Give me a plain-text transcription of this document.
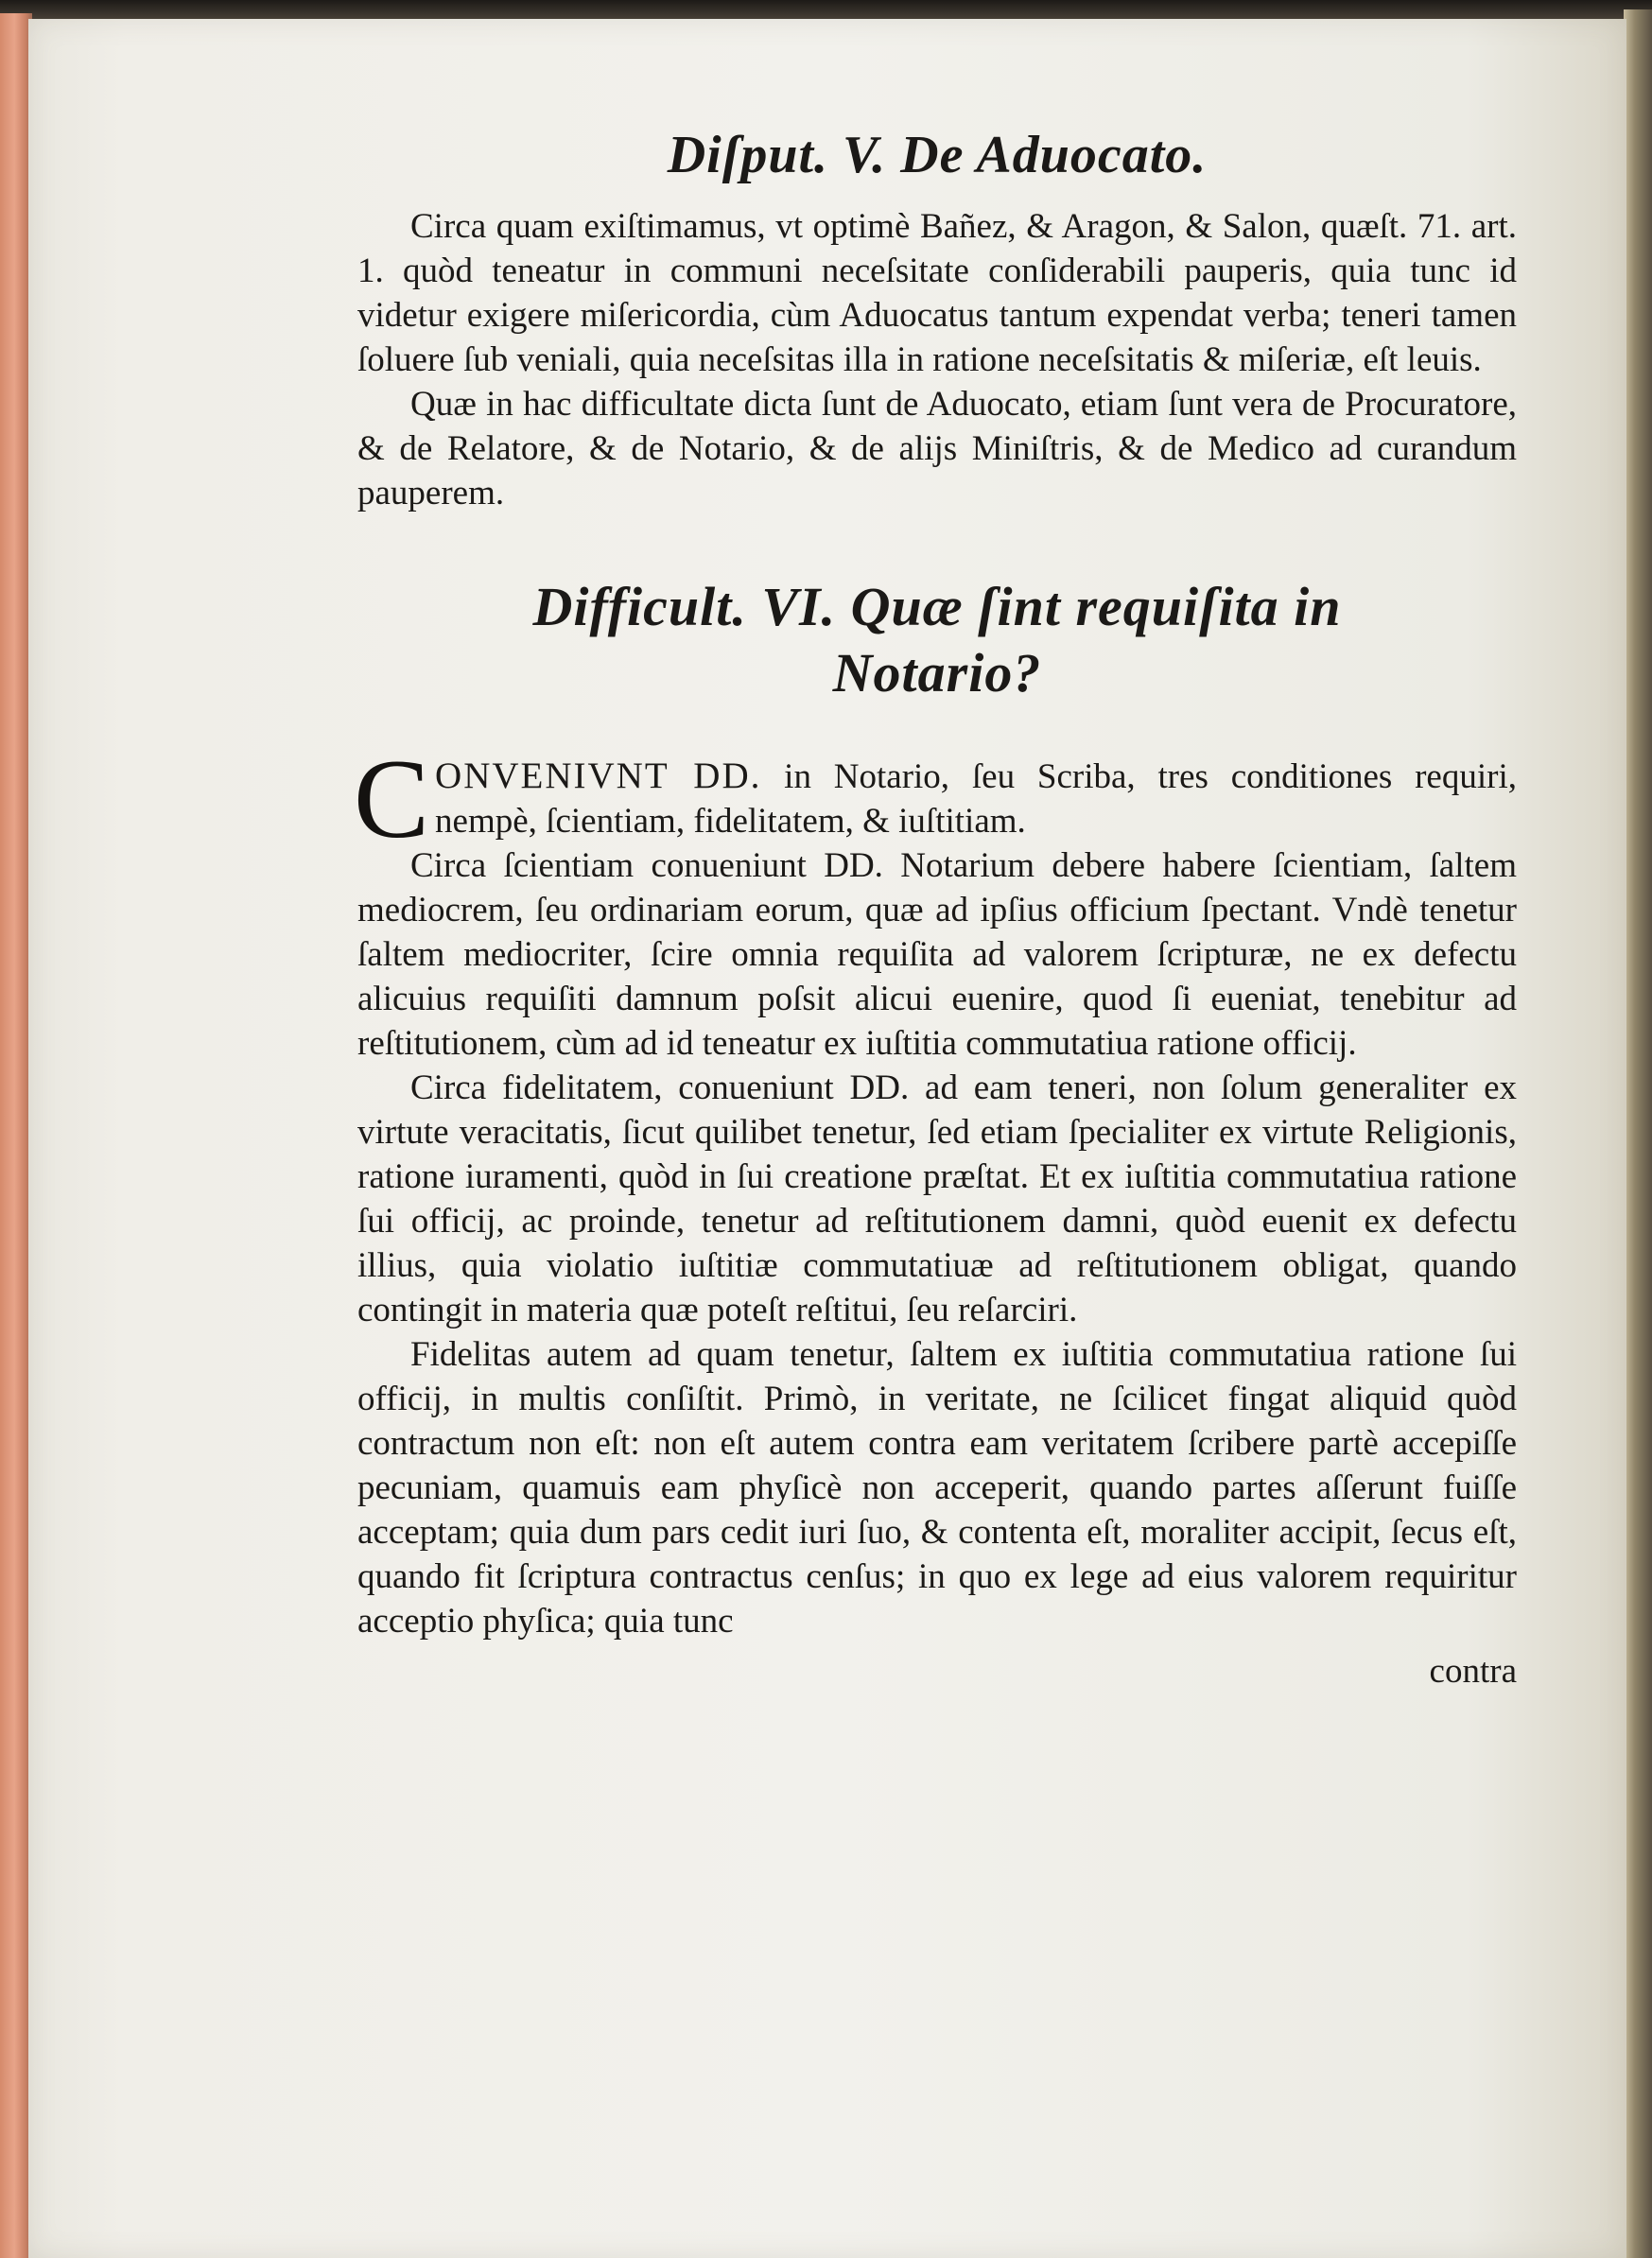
Diſput. V. De Aduocato.

Circa quam exiſtimamus, vt optimè Bañez, & Aragon, & Salon, quæſt. 71. art. 1. quòd teneatur in communi neceſsitate conſiderabili pauperis, quia tunc id videtur exigere miſericordia, cùm Aduocatus tantum expendat verba; teneri tamen ſoluere ſub veniali, quia neceſsitas illa in ratione neceſsitatis & miſeriæ, eſt leuis.

Quæ in hac difficultate dicta ſunt de Aduocato, etiam ſunt vera de Procuratore, & de Relatore, & de Notario, & de alijs Miniſtris, & de Medico ad curandum pauperem.

Difficult. VI. Quæ ſint requiſita in
Notario?

CONVENIVNT DD. in Notario, ſeu Scriba, tres conditiones requiri, nempè, ſcientiam, fidelitatem, & iuſtitiam.

Circa ſcientiam conueniunt DD. Notarium debere habere ſcientiam, ſaltem mediocrem, ſeu ordinariam eorum, quæ ad ipſius officium ſpectant. Vndè tenetur ſaltem mediocriter, ſcire omnia requiſita ad valorem ſcripturæ, ne ex defectu alicuius requiſiti damnum poſsit alicui euenire, quod ſi eueniat, tenebitur ad reſtitutionem, cùm ad id teneatur ex iuſtitia commutatiua ratione officij.

Circa fidelitatem, conueniunt DD. ad eam teneri, non ſolum generaliter ex virtute veracitatis, ſicut quilibet tenetur, ſed etiam ſpecialiter ex virtute Religionis, ratione iuramenti, quòd in ſui creatione præſtat. Et ex iuſtitia commutatiua ratione ſui officij, ac proinde, tenetur ad reſtitutionem damni, quòd euenit ex defectu illius, quia violatio iuſtitiæ commutatiuæ ad reſtitutionem obligat, quando contingit in materia quæ poteſt reſtitui, ſeu reſarciri.

Fidelitas autem ad quam tenetur, ſaltem ex iuſtitia commutatiua ratione ſui officij, in multis conſiſtit. Primò, in veritate, ne ſcilicet fingat aliquid quòd contractum non eſt: non eſt autem contra eam veritatem ſcribere partè accepiſſe pecuniam, quamuis eam phyſicè non acceperit, quando partes aſſerunt fuiſſe acceptam; quia dum pars cedit iuri ſuo, & contenta eſt, moraliter accipit, ſecus eſt, quando fit ſcriptura contractus cenſus; in quo ex lege ad eius valorem requiritur acceptio phyſica; quia tunc

contra
